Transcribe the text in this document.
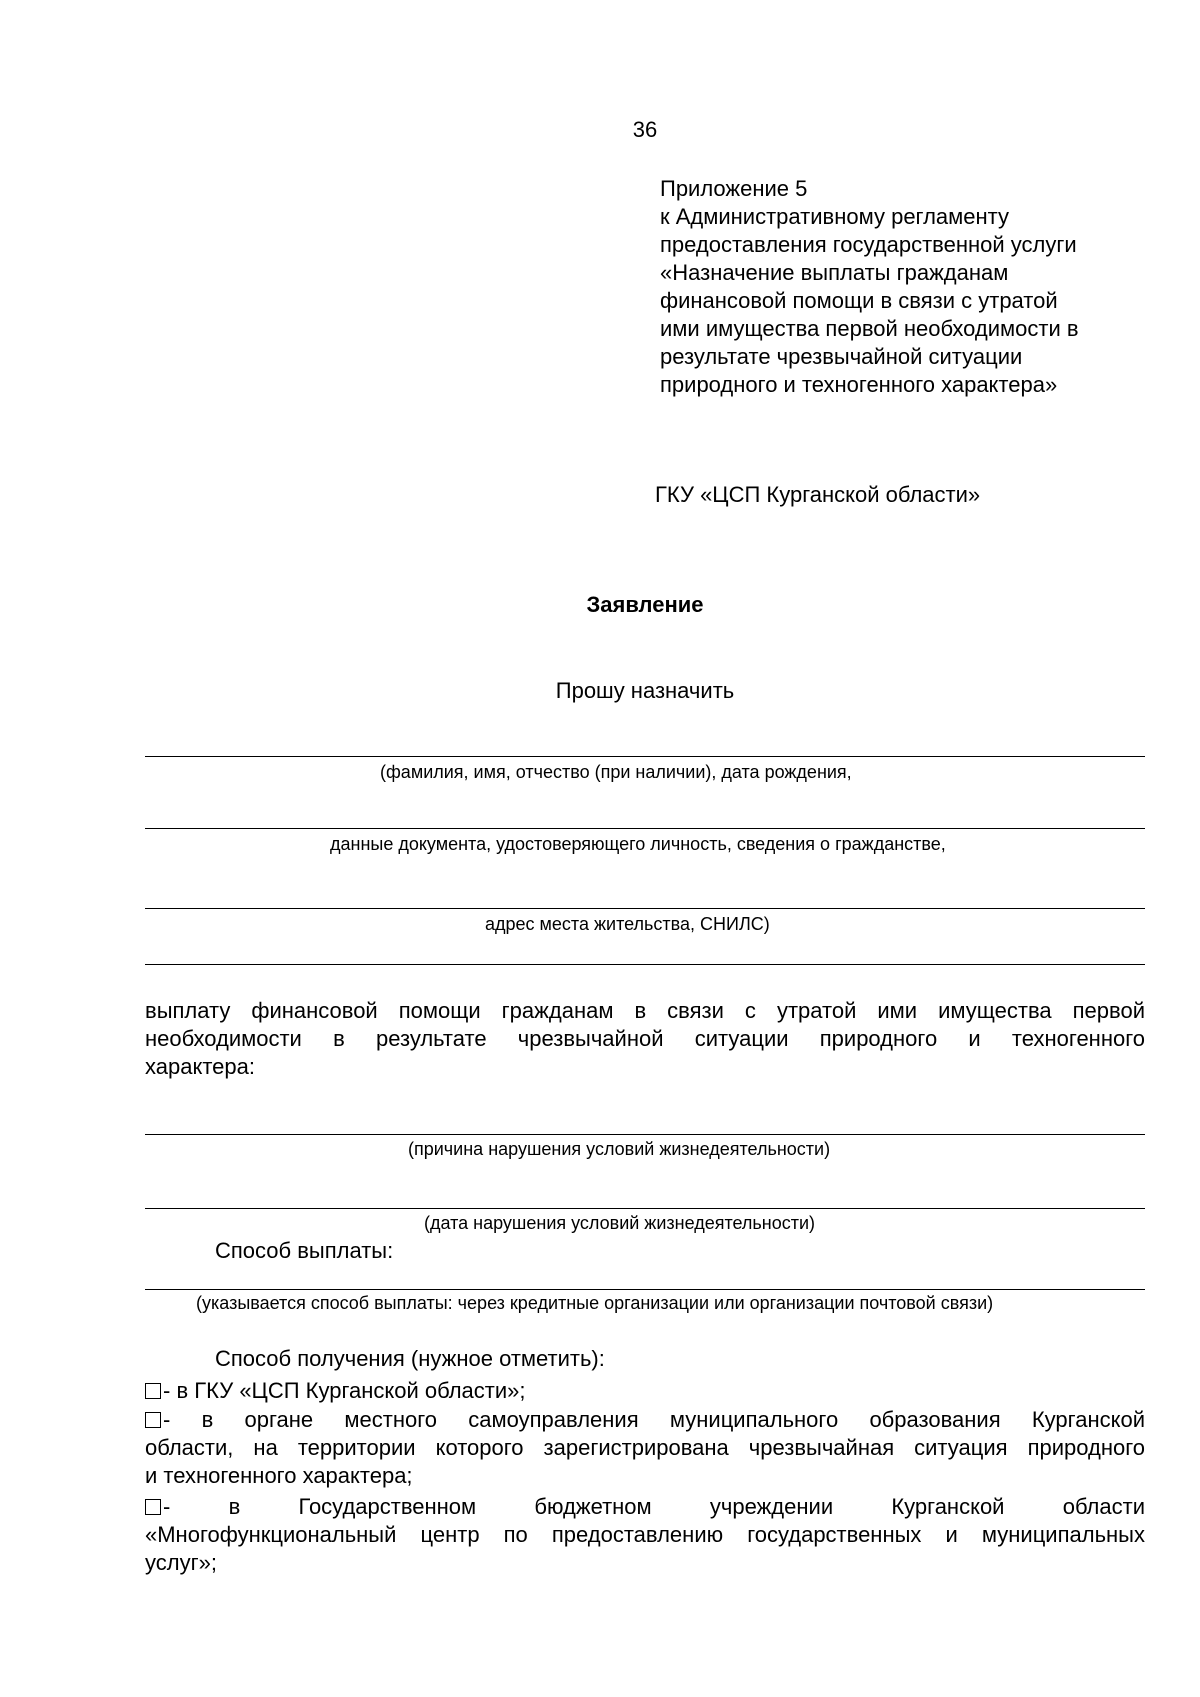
36
Приложение 5
к Административному регламенту
предоставления государственной услуги
«Назначение выплаты гражданам
финансовой помощи в связи с утратой
ими имущества первой необходимости в
результате чрезвычайной ситуации
природного и техногенного характера»
ГКУ «ЦСП Курганской области»
Заявление
Прошу назначить
(фамилия, имя, отчество (при наличии), дата рождения,
данные документа, удостоверяющего личность, сведения о гражданстве,
адрес места жительства, СНИЛС)
выплату финансовой помощи гражданам в связи с утратой ими имущества первой
необходимости в результате чрезвычайной ситуации природного и техногенного
характера:
(причина нарушения условий жизнедеятельности)
(дата нарушения условий жизнедеятельности)
Способ выплаты:
(указывается способ выплаты: через кредитные организации или организации почтовой связи)
Способ получения (нужное отметить):
- в ГКУ «ЦСП Курганской области»;
- в органе местного самоуправления муниципального образования Курганской
области, на территории которого зарегистрирована чрезвычайная ситуация природного
и техногенного характера;
- в Государственном бюджетном учреждении Курганской области
«Многофункциональный центр по предоставлению государственных и муниципальных
услуг»;
